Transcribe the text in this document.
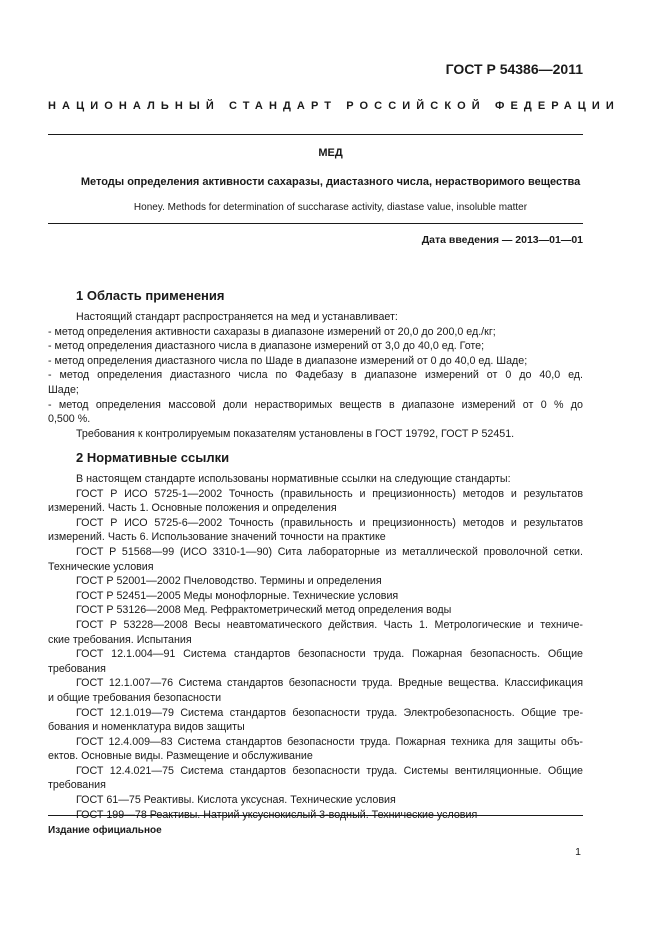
ГОСТ Р 54386—2011
НАЦИОНАЛЬНЫЙ СТАНДАРТ РОССИЙСКОЙ ФЕДЕРАЦИИ
МЕД
Методы определения активности сахаразы, диастазного числа, нерастворимого вещества
Honey. Methods for determination of succharase activity, diastase value, insoluble matter
Дата введения — 2013—01—01
1 Область применения
Настоящий стандарт распространяется на мед и устанавливает:
- метод определения активности сахаразы в диапазоне измерений от 20,0 до 200,0 ед./кг;
- метод определения диастазного числа в диапазоне измерений от 3,0 до 40,0 ед. Готе;
- метод определения диастазного числа по Шаде в диапазоне измерений от 0 до 40,0 ед. Шаде;
- метод определения диастазного числа по Фадебазу в диапазоне измерений от 0 до 40,0 ед.
Шаде;
- метод определения массовой доли нерастворимых веществ в диапазоне измерений от 0 % до
0,500 %.
Требования к контролируемым показателям установлены в ГОСТ 19792, ГОСТ Р 52451.
2 Нормативные ссылки
В настоящем стандарте использованы нормативные ссылки на следующие стандарты:
ГОСТ Р ИСО 5725-1—2002 Точность (правильность и прецизионность) методов и результатов
измерений. Часть 1. Основные положения и определения
ГОСТ Р ИСО 5725-6—2002 Точность (правильность и прецизионность) методов и результатов
измерений. Часть 6. Использование значений точности на практике
ГОСТ Р 51568—99 (ИСО 3310-1—90) Сита лабораторные из металлической проволочной сетки.
Технические условия
ГОСТ Р 52001—2002 Пчеловодство. Термины и определения
ГОСТ Р 52451—2005 Меды монофлорные. Технические условия
ГОСТ Р 53126—2008 Мед. Рефрактометрический метод определения воды
ГОСТ Р 53228—2008 Весы неавтоматического действия. Часть 1. Метрологические и техниче-
ские требования. Испытания
ГОСТ 12.1.004—91 Система стандартов безопасности труда. Пожарная безопасность. Общие
требования
ГОСТ 12.1.007—76 Система стандартов безопасности труда. Вредные вещества. Классификация
и общие требования безопасности
ГОСТ 12.1.019—79 Система стандартов безопасности труда. Электробезопасность. Общие тре-
бования и номенклатура видов защиты
ГОСТ 12.4.009—83 Система стандартов безопасности труда. Пожарная техника для защиты объ-
ектов. Основные виды. Размещение и обслуживание
ГОСТ 12.4.021—75 Система стандартов безопасности труда. Системы вентиляционные. Общие
требования
ГОСТ 61—75 Реактивы. Кислота уксусная. Технические условия
ГОСТ 199—78 Реактивы. Натрий уксуснокислый 3-водный. Технические условия
Издание официальное
1
